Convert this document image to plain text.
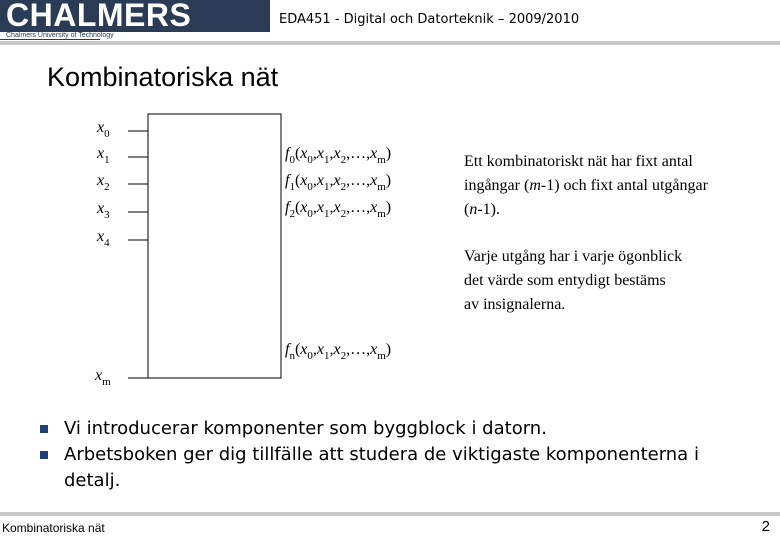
CHALMERS
Chalmers University of Technology
EDA451 - Digital och Datorteknik – 2009/2010
Kombinatoriska nät
$x_0$
$x_1$
$x_2$
$x_3$
$x_4$
$x_m$
$f_0(x_0,x_1,x_2,\dots,x_m)$
$f_1(x_0,x_1,x_2,\dots,x_m)$
$f_2(x_0,x_1,x_2,\dots,x_m)$
$f_n(x_0,x_1,x_2,\dots,x_m)$
Ett kombinatoriskt nät har fixt antal ingångar (m-1) och fixt antal utgångar (n-1).
Varje utgång har i varje ögonblick det värde som entydigt bestäms av insignalerna.
Vi introducerar komponenter som byggblock i datorn.
Arbetsboken ger dig tillfälle att studera de viktigaste komponenterna i detalj.
Kombinatoriska nät	2
